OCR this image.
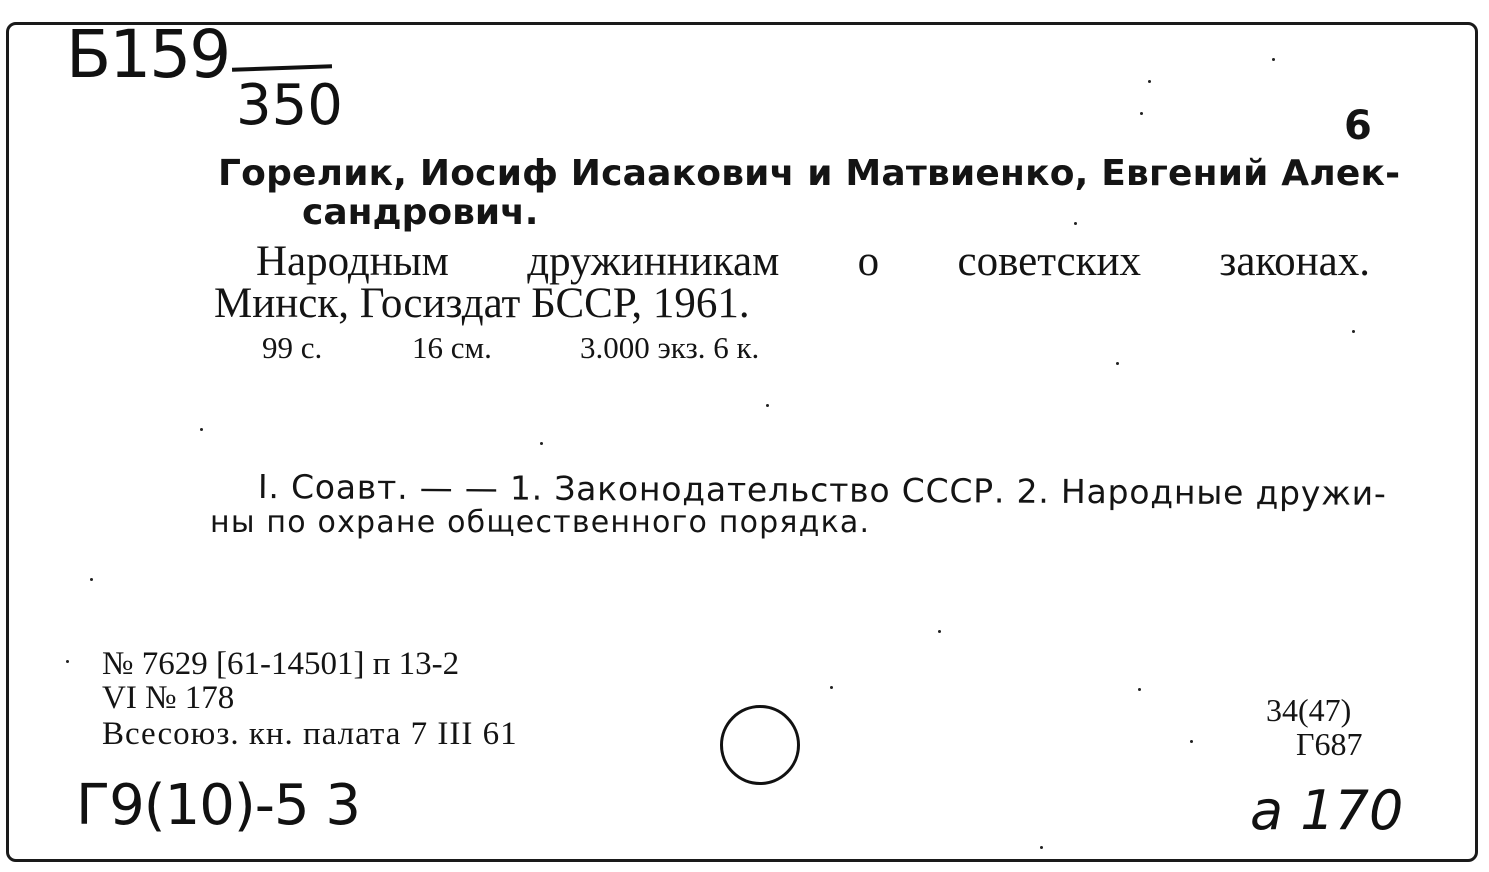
Б159
350	6
Горелик, Иосиф Исаакович и Матвиенко, Евгений Алек-
сандрович.
Народным дружинникам о советских законах.
Минск, Госиздат БССР, 1961.
99 с.	16 см.	3.000 экз. 6 к.
I. Соавт. — — 1. Законодательство СССР. 2. Народные дружи-
ны по охране общественного порядка.
№ 7629 [61-14501] п 13-2
VI № 178
Всесоюз. кн. палата 7 III 61
34(47)
Г687
Г9(10)-5 3	а 170
